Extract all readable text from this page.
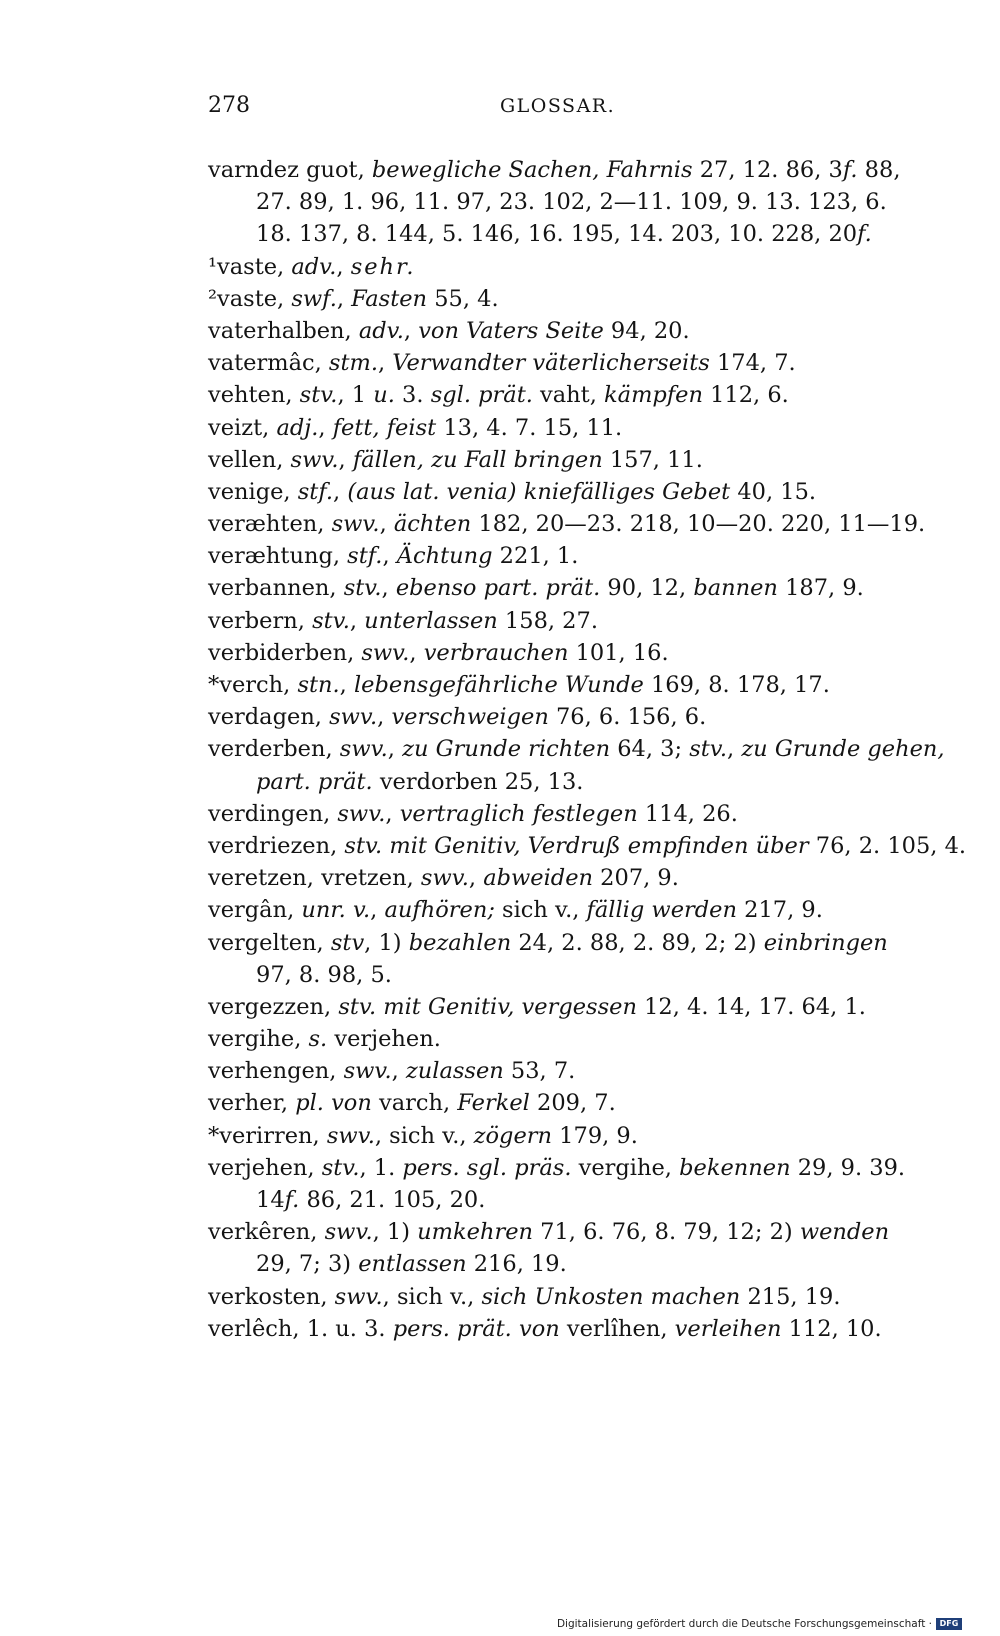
278	GLOSSAR.
varndez guot, bewegliche Sachen, Fahrnis 27, 12. 86, 3f. 88,
27. 89, 1. 96, 11. 97, 23. 102, 2—11. 109, 9. 13. 123, 6.
18. 137, 8. 144, 5. 146, 16. 195, 14. 203, 10. 228, 20f.
¹vaste, adv., sehr.
²vaste, swf., Fasten 55, 4.
vaterhalben, adv., von Vaters Seite 94, 20.
vatermâc, stm., Verwandter väterlicherseits 174, 7.
vehten, stv., 1 u. 3. sgl. prät. vaht, kämpfen 112, 6.
veizt, adj., fett, feist 13, 4. 7. 15, 11.
vellen, swv., fällen, zu Fall bringen 157, 11.
venige, stf., (aus lat. venia) kniefälliges Gebet 40, 15.
veræhten, swv., ächten 182, 20—23. 218, 10—20. 220, 11—19.
veræhtung, stf., Ächtung 221, 1.
verbannen, stv., ebenso part. prät. 90, 12, bannen 187, 9.
verbern, stv., unterlassen 158, 27.
verbiderben, swv., verbrauchen 101, 16.
*verch, stn., lebensgefährliche Wunde 169, 8. 178, 17.
verdagen, swv., verschweigen 76, 6. 156, 6.
verderben, swv., zu Grunde richten 64, 3; stv., zu Grunde gehen,
part. prät. verdorben 25, 13.
verdingen, swv., vertraglich festlegen 114, 26.
verdriezen, stv. mit Genitiv, Verdruß empfinden über 76, 2. 105, 4.
veretzen, vretzen, swv., abweiden 207, 9.
vergân, unr. v., aufhören; sich v., fällig werden 217, 9.
vergelten, stv, 1) bezahlen 24, 2. 88, 2. 89, 2; 2) einbringen
97, 8. 98, 5.
vergezzen, stv. mit Genitiv, vergessen 12, 4. 14, 17. 64, 1.
vergihe, s. verjehen.
verhengen, swv., zulassen 53, 7.
verher, pl. von varch, Ferkel 209, 7.
*verirren, swv., sich v., zögern 179, 9.
verjehen, stv., 1. pers. sgl. präs. vergihe, bekennen 29, 9. 39.
14f. 86, 21. 105, 20.
verkêren, swv., 1) umkehren 71, 6. 76, 8. 79, 12; 2) wenden
29, 7; 3) entlassen 216, 19.
verkosten, swv., sich v., sich Unkosten machen 215, 19.
verlêch, 1. u. 3. pers. prät. von verlîhen, verleihen 112, 10.
Digitalisierung gefördert durch die Deutsche Forschungsgemeinschaft · DFG
